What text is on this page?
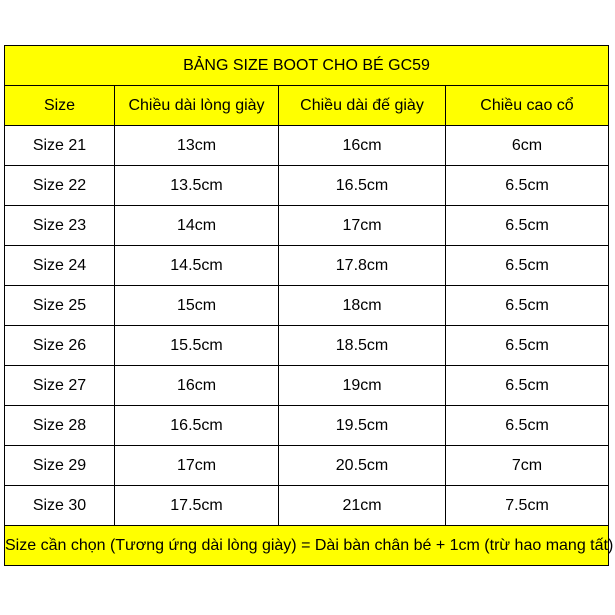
BẢNG SIZE BOOT CHO BÉ GC59			
Size	Chiều dài lòng giày	Chiều dài đế giày	Chiều cao cổ
Size 21	13cm	16cm	6cm
Size 22	13.5cm	16.5cm	6.5cm
Size 23	14cm	17cm	6.5cm
Size 24	14.5cm	17.8cm	6.5cm
Size 25	15cm	18cm	6.5cm
Size 26	15.5cm	18.5cm	6.5cm
Size 27	16cm	19cm	6.5cm
Size 28	16.5cm	19.5cm	6.5cm
Size 29	17cm	20.5cm	7cm
Size 30	17.5cm	21cm	7.5cm
Size cần chọn (Tương ứng dài lòng giày) = Dài bàn chân bé + 1cm (trừ hao mang tất)			
